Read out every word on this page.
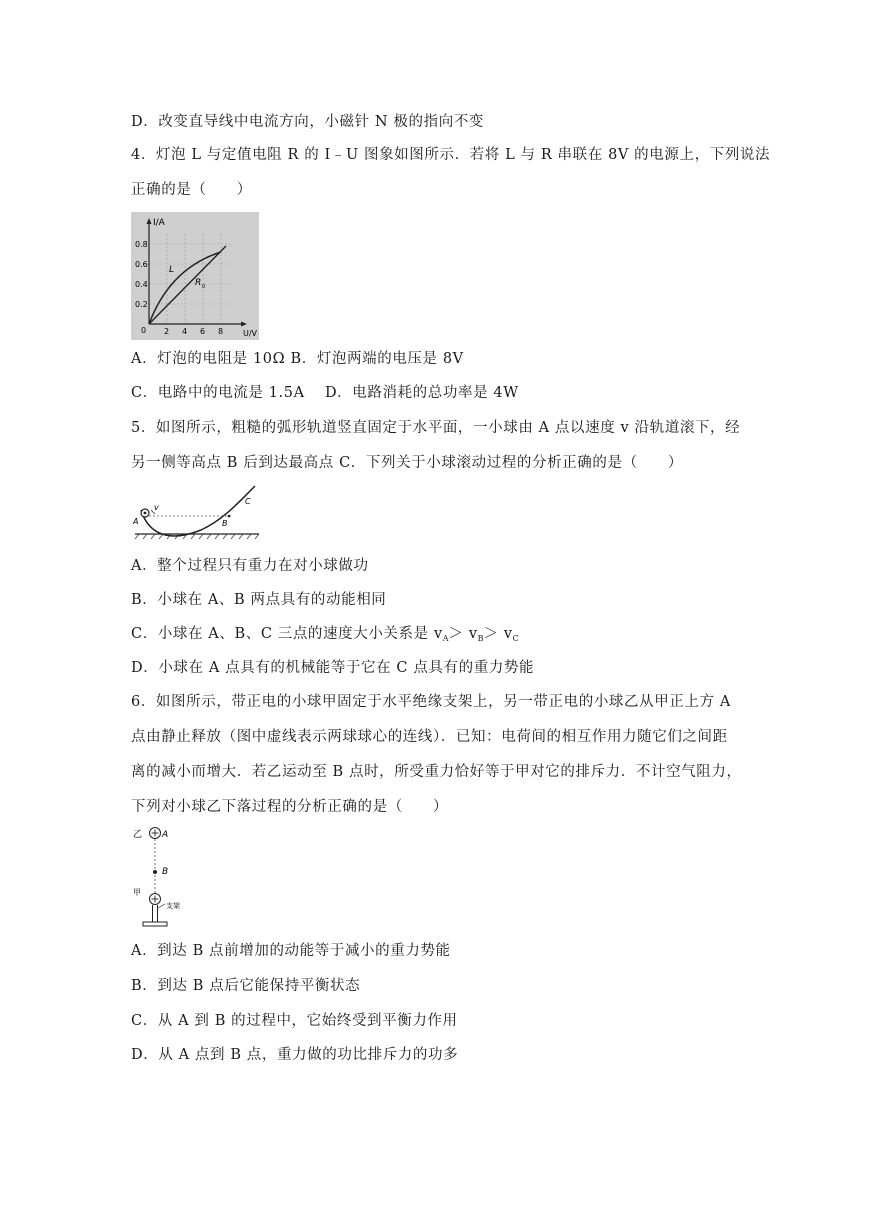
D．改变直导线中电流方向，小磁针 N 极的指向不变
4．灯泡 L 与定值电阻 R 的 I﹣U 图象如图所示．若将 L 与 R 串联在 8V 的电源上，下列说法
正确的是（　　）
I/A
U/V
0.8
0.6
0.4
0.2
2 4 6 8
0
L
R 0
A．灯泡的电阻是 10Ω B．灯泡两端的电压是 8V
C．电路中的电流是 1.5A　 D．电路消耗的总功率是 4W
5．如图所示，粗糙的弧形轨道竖直固定于水平面，一小球由 A 点以速度 v 沿轨道滚下，经
另一侧等高点 B 后到达最高点 C．下列关于小球滚动过程的分析正确的是（　　）
v
A	B
C
A．整个过程只有重力在对小球做功
B．小球在 A、B 两点具有的动能相同
C．小球在 A、B、C 三点的速度大小关系是 $v_A> v_B> v_C$
D．小球在 A 点具有的机械能等于它在 C 点具有的重力势能
6．如图所示，带正电的小球甲固定于水平绝缘支架上，另一带正电的小球乙从甲正上方 A
点由静止释放（图中虚线表示两球球心的连线）．已知：电荷间的相互作用力随它们之间距
离的减小而增大．若乙运动至 B 点时，所受重力恰好等于甲对它的排斥力．不计空气阻力，
下列对小球乙下落过程的分析正确的是（　　）
乙 A
B
甲
支架
A．到达 B 点前增加的动能等于减小的重力势能
B．到达 B 点后它能保持平衡状态
C．从 A 到 B 的过程中，它始终受到平衡力作用
D．从 A 点到 B 点，重力做的功比排斥力的功多
